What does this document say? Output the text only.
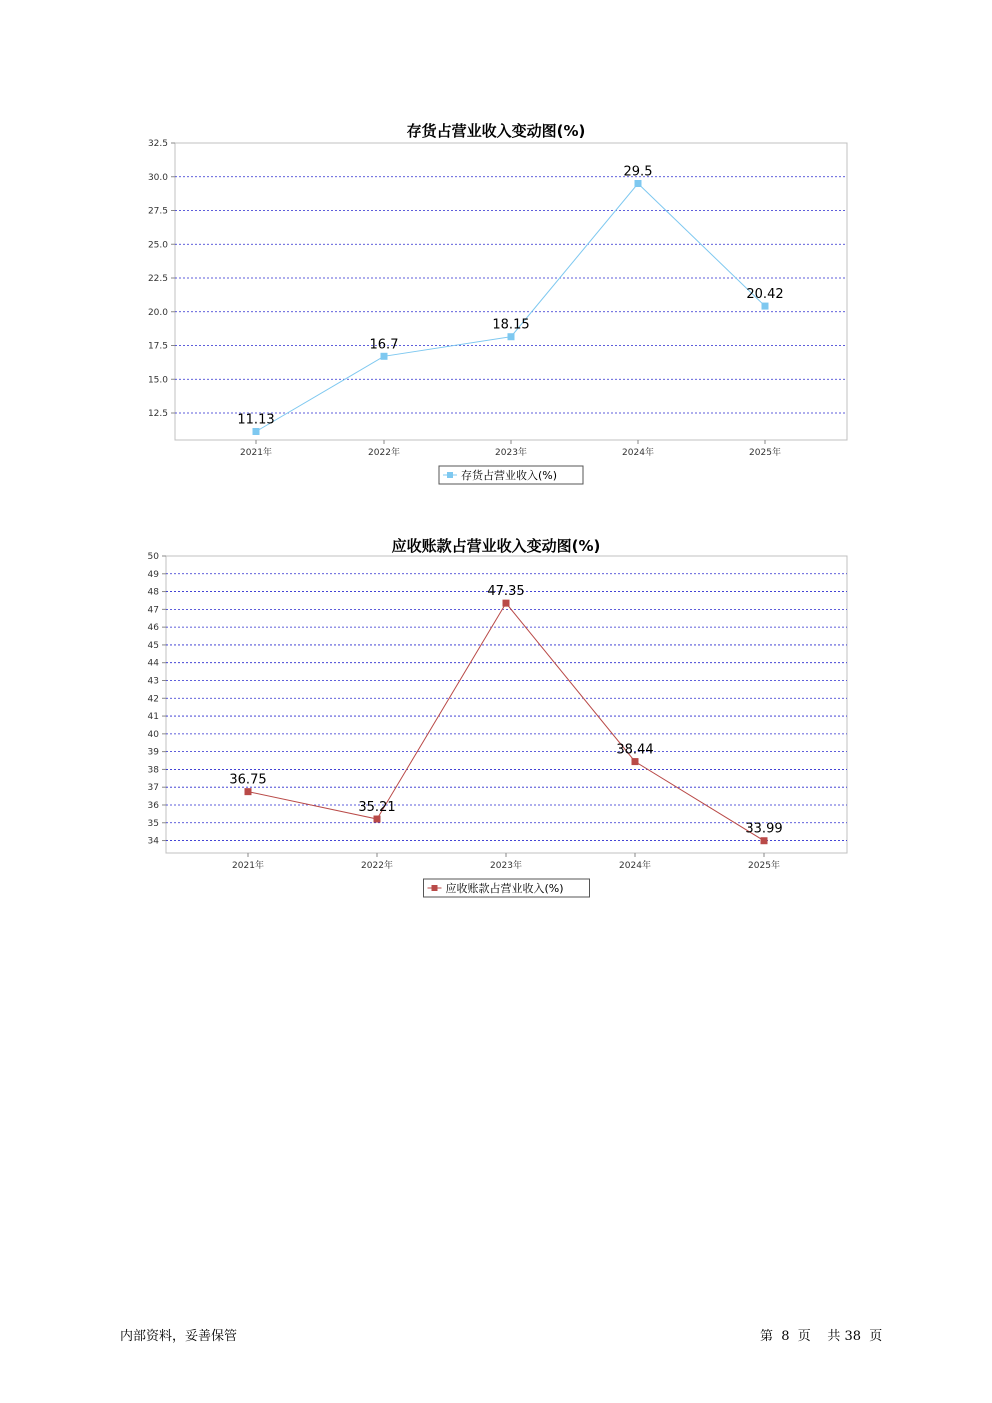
存货占营业收入变动图(%)
12.5
15.0
17.5
20.0
22.5
25.0
27.5
30.0
32.5
2021年	2022年	2023年	2024年	2025年
11.13
16.7
18.15
29.5
20.42
存货占营业收入(%)
应收账款占营业收入变动图(%)
34
35
36
37
38
39
40
41
42
43
44
45
46
47
48
49
50
2021年	2022年	2023年	2024年	2025年
36.75
35.21
47.35
38.44
33.99
应收账款占营业收入(%)
内部资料，妥善保管	第  8  页    共 38  页
